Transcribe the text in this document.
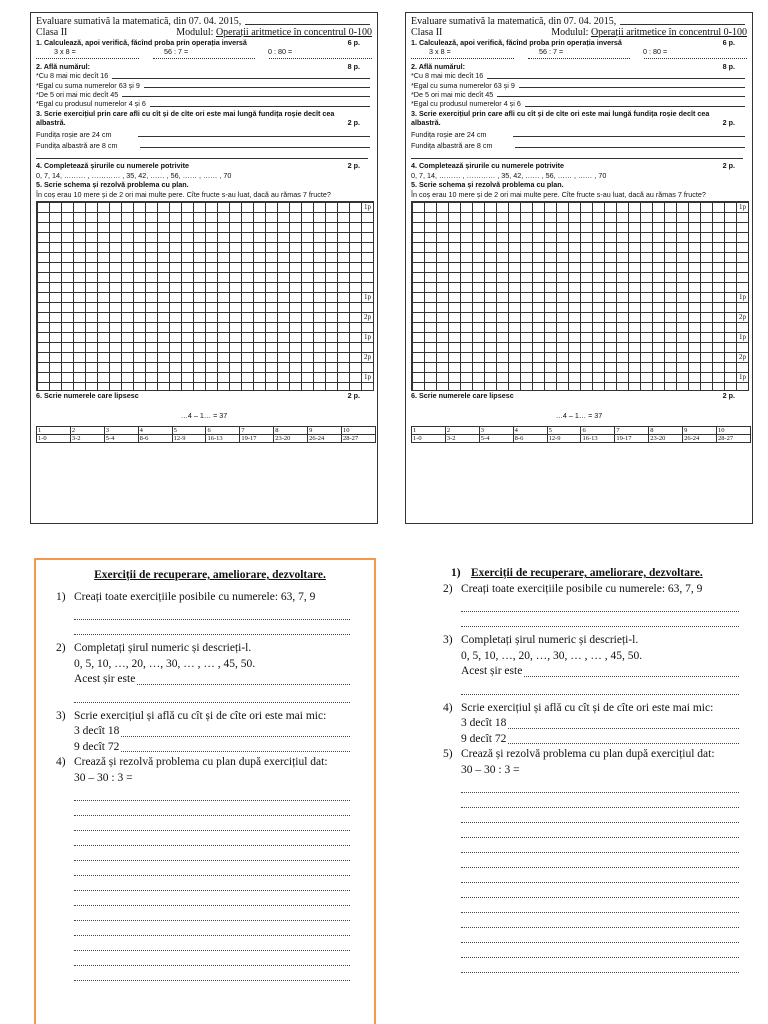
Evaluare sumativă la matematică, din 07. 04. 2015,
Clasa II	Modulul: Operații aritmetice în concentrul 0-100
1. Calculează, apoi verifică, făcînd proba prin operația inversă	6 p.
3 x 8 =	56 : 7 =	0 : 80 =
2. Află numărul:	8 p.
*Cu 8 mai mic decît 16
*Egal cu suma numerelor 63 și 9
*De 5 ori mai mic decît 45
*Egal cu produsul numerelor 4 și 6
3. Scrie exercițiul prin care afli cu cît și de cîte ori este mai lungă fundița roșie decît cea albastră.	2 p.
Fundița roșie are 24 cm
Fundița albastră are 8 cm
4. Completează șirurile cu numerele potrivite	2 p.
0, 7, 14, ……… , ………… , 35, 42, …… , 56, …… , …… , 70
5. Scrie schema și rezolvă problema cu plan.
În coș erau 10 mere și de 2 ori mai multe pere. Cîte fructe s-au luat, dacă au rămas 7 fructe?
1p
1p
2p
1p
2p
1p
6. Scrie numerele care lipsesc	2 p.
…4 – 1… = 37
1	2	3	4	5	6	7	8	9	10
1-0	3-2	5-4	8-6	12-9	16-13	19-17	23-20	26-24	28-27
Evaluare sumativă la matematică, din 07. 04. 2015,
Clasa II	Modulul: Operații aritmetice în concentrul 0-100
1. Calculează, apoi verifică, făcînd proba prin operația inversă	6 p.
3 x 8 =	56 : 7 =	0 : 80 =
2. Află numărul:	8 p.
*Cu 8 mai mic decît 16
*Egal cu suma numerelor 63 și 9
*De 5 ori mai mic decît 45
*Egal cu produsul numerelor 4 și 6
3. Scrie exercițiul prin care afli cu cît și de cîte ori este mai lungă fundița roșie decît cea albastră.	2 p.
Fundița roșie are 24 cm
Fundița albastră are 8 cm
4. Completează șirurile cu numerele potrivite	2 p.
0, 7, 14, ……… , ………… , 35, 42, …… , 56, …… , …… , 70
5. Scrie schema și rezolvă problema cu plan.
În coș erau 10 mere și de 2 ori mai multe pere. Cîte fructe s-au luat, dacă au rămas 7 fructe?
1p
1p
2p
1p
2p
1p
6. Scrie numerele care lipsesc	2 p.
…4 – 1… = 37
1	2	3	4	5	6	7	8	9	10
1-0	3-2	5-4	8-6	12-9	16-13	19-17	23-20	26-24	28-27
Exerciții de recuperare, ameliorare, dezvoltare.
1) Creați toate exercițiile posibile cu numerele: 63, 7, 9
2) Completați șirul numeric și descrieți-l.
0, 5, 10, …, 20, …, 30, … , … , 45, 50.
Acest șir este
3) Scrie exercițiul și află cu cît și de cîte ori este mai mic:
3 decît 18
9 decît 72
4) Crează și rezolvă problema cu plan după exercițiul dat:
30 – 30 : 3 =
1) Exerciții de recuperare, ameliorare, dezvoltare.
2) Creați toate exercițiile posibile cu numerele: 63, 7, 9
3) Completați șirul numeric și descrieți-l.
0, 5, 10, …, 20, …, 30, … , … , 45, 50.
Acest șir este
4) Scrie exercițiul și află cu cît și de cîte ori este mai mic:
3 decît 18
9 decît 72
5) Crează și rezolvă problema cu plan după exercițiul dat:
30 – 30 : 3 =
